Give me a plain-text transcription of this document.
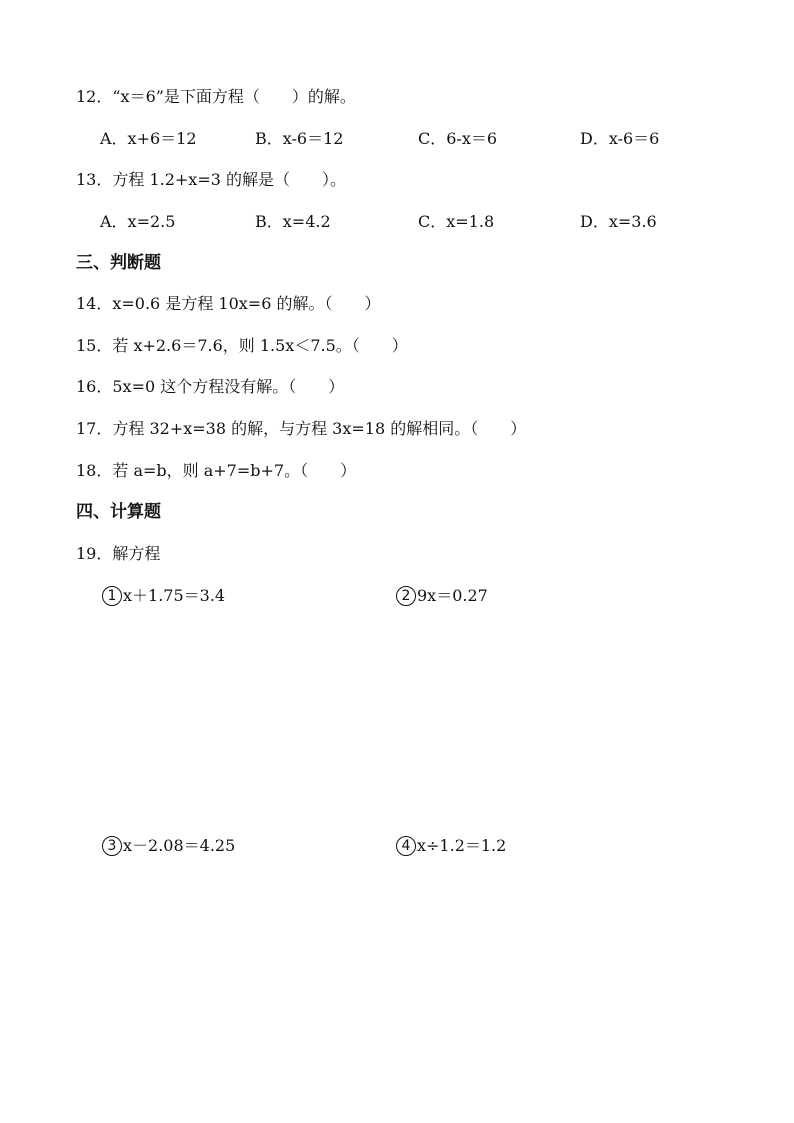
12．“x＝6”是下面方程（　　）的解。
A．x+6＝12	B．x-6＝12	C．6-x＝6	D．x-6＝6
13．方程 1.2+x=3 的解是（　　）。
A．x=2.5	B．x=4.2	C．x=1.8	D．x=3.6
三、判断题
14．x=0.6 是方程 10x=6 的解。（　　）
15．若 x+2.6＝7.6，则 1.5x＜7.5。（　　）
16．5x=0 这个方程没有解。（　　）
17．方程 32+x=38 的解，与方程 3x=18 的解相同。（　　）
18．若 a=b，则 a+7=b+7。（　　）
四、计算题
19．解方程
1 x＋1.75＝3.4	2 9x＝0.27
3 x－2.08＝4.25	4 x÷1.2＝1.2
